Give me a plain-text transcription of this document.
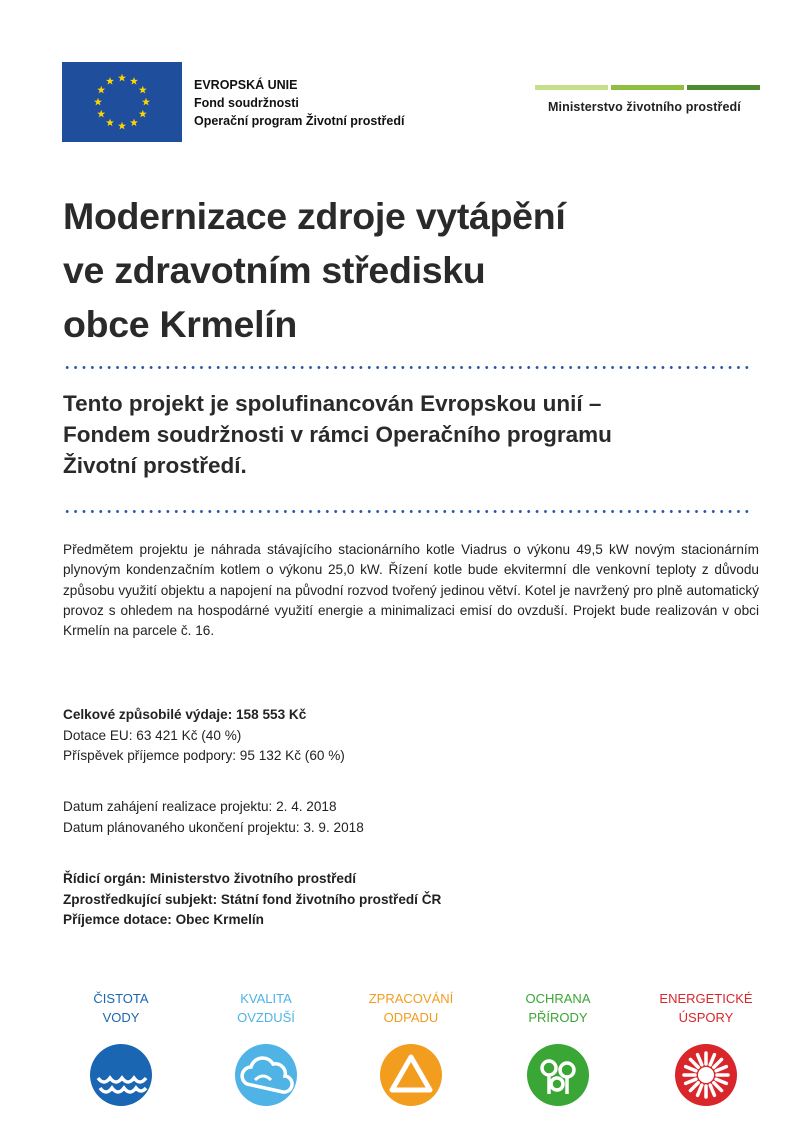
EVROPSKÁ UNIE
Fond soudržnosti
Operační program Životní prostředí
Ministerstvo životního prostředí
Modernizace zdroje vytápění
ve zdravotním středisku
obce Krmelín
Tento projekt je spolufinancován Evropskou unií –
Fondem soudržnosti v rámci Operačního programu
Životní prostředí.
Předmětem projektu je náhrada stávajícího stacionárního kotle Viadrus o výkonu 49,5 kW novým stacionárním plynovým kondenzačním kotlem o výkonu 25,0 kW. Řízení kotle bude ekvitermní dle venkovní teploty z důvodu způsobu využití objektu a napojení na původní rozvod tvořený jedinou větví. Kotel je navržený pro plně automatický provoz s ohledem na hospodárné využití energie a minimalizaci emisí do ovzduší. Projekt bude realizován v obci Krmelín na parcele č. 16.
Celkové způsobilé výdaje: 158 553 Kč
Dotace EU: 63 421 Kč (40 %)
Příspěvek příjemce podpory: 95 132 Kč (60 %)
Datum zahájení realizace projektu: 2. 4. 2018
Datum plánovaného ukončení projektu: 3. 9. 2018
Řídicí orgán: Ministerstvo životního prostředí
Zprostředkující subjekt: Státní fond životního prostředí ČR
Příjemce dotace: Obec Krmelín
ČISTOTA
VODY
KVALITA
OVZDUŠÍ
ZPRACOVÁNÍ
ODPADU
OCHRANA
PŘÍRODY
ENERGETICKÉ
ÚSPORY
